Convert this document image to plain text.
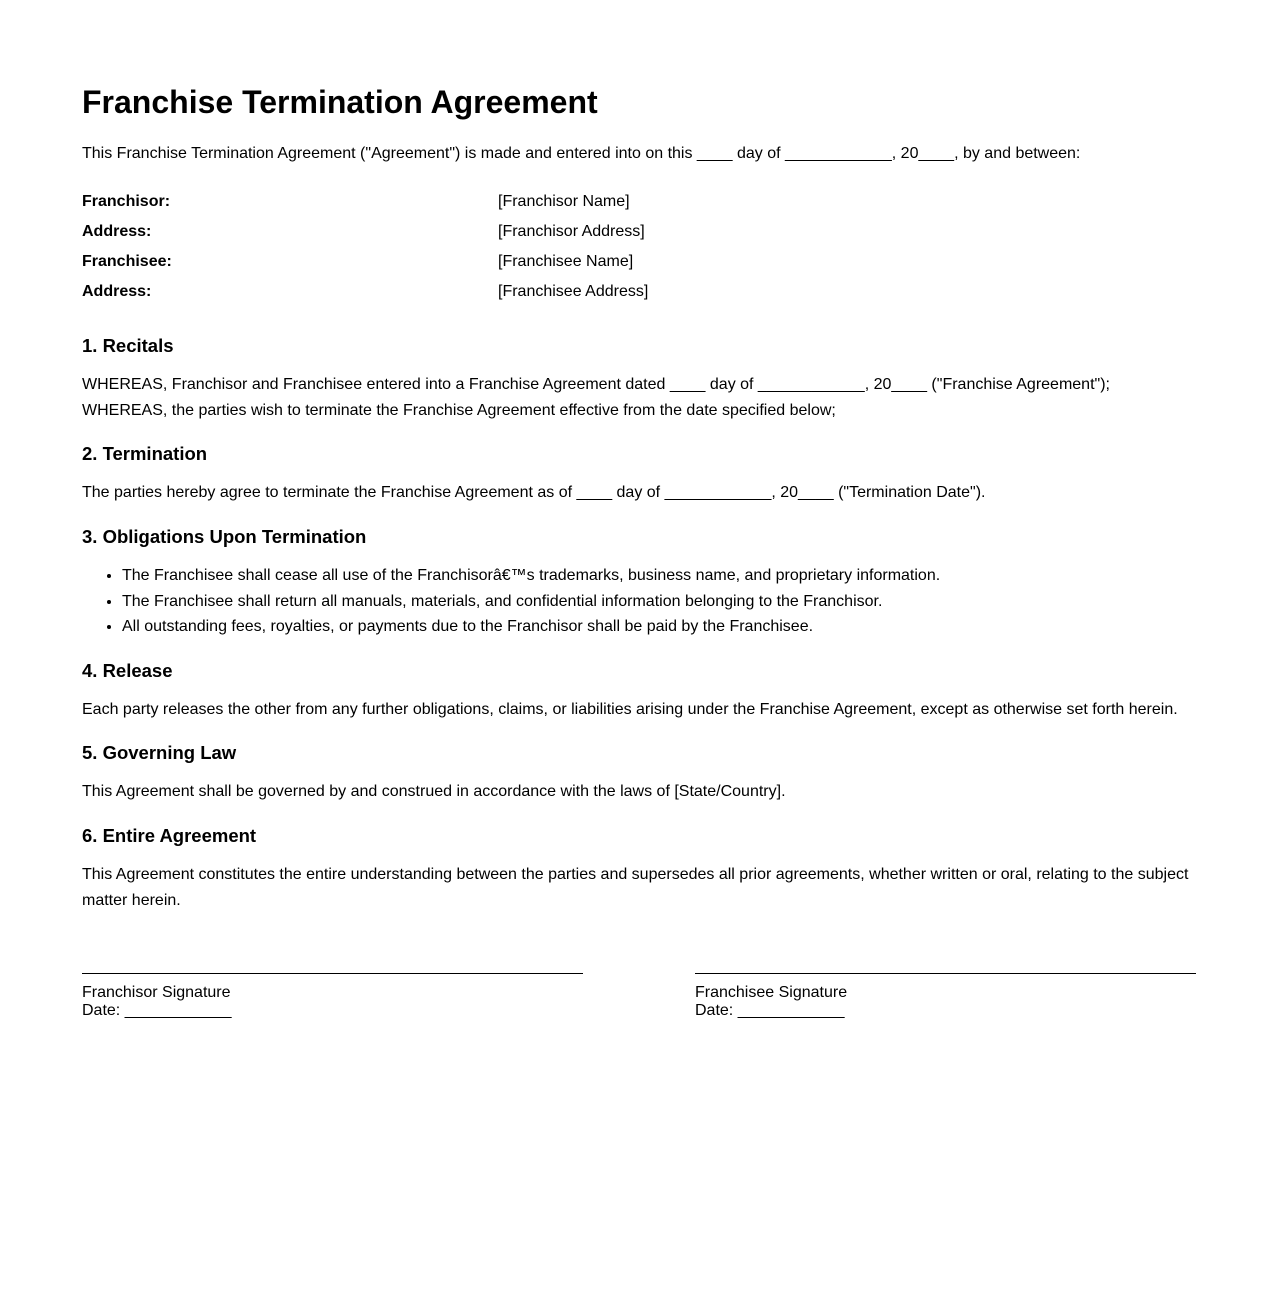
Franchise Termination Agreement

This Franchise Termination Agreement ("Agreement") is made and entered into on this ____ day of ____________, 20____, by and between:

Franchisor:	[Franchisor Name]
Address:	[Franchisor Address]
Franchisee:	[Franchisee Name]
Address:	[Franchisee Address]
1. Recitals

WHEREAS, Franchisor and Franchisee entered into a Franchise Agreement dated ____ day of ____________, 20____ ("Franchise Agreement");

WHEREAS, the parties wish to terminate the Franchise Agreement effective from the date specified below;

2. Termination

The parties hereby agree to terminate the Franchise Agreement as of ____ day of ____________, 20____ ("Termination Date").

3. Obligations Upon Termination
• The Franchisee shall cease all use of the Franchisorâ€™s trademarks, business name, and proprietary information.
• The Franchisee shall return all manuals, materials, and confidential information belonging to the Franchisor.
• All outstanding fees, royalties, or payments due to the Franchisor shall be paid by the Franchisee.
4. Release

Each party releases the other from any further obligations, claims, or liabilities arising under the Franchise Agreement, except as otherwise set forth herein.

5. Governing Law

This Agreement shall be governed by and construed in accordance with the laws of [State/Country].

6. Entire Agreement

This Agreement constitutes the entire understanding between the parties and supersedes all prior agreements, whether written or oral, relating to the subject matter herein.

Franchisor Signature
Date: ____________
Franchisee Signature
Date: ____________
